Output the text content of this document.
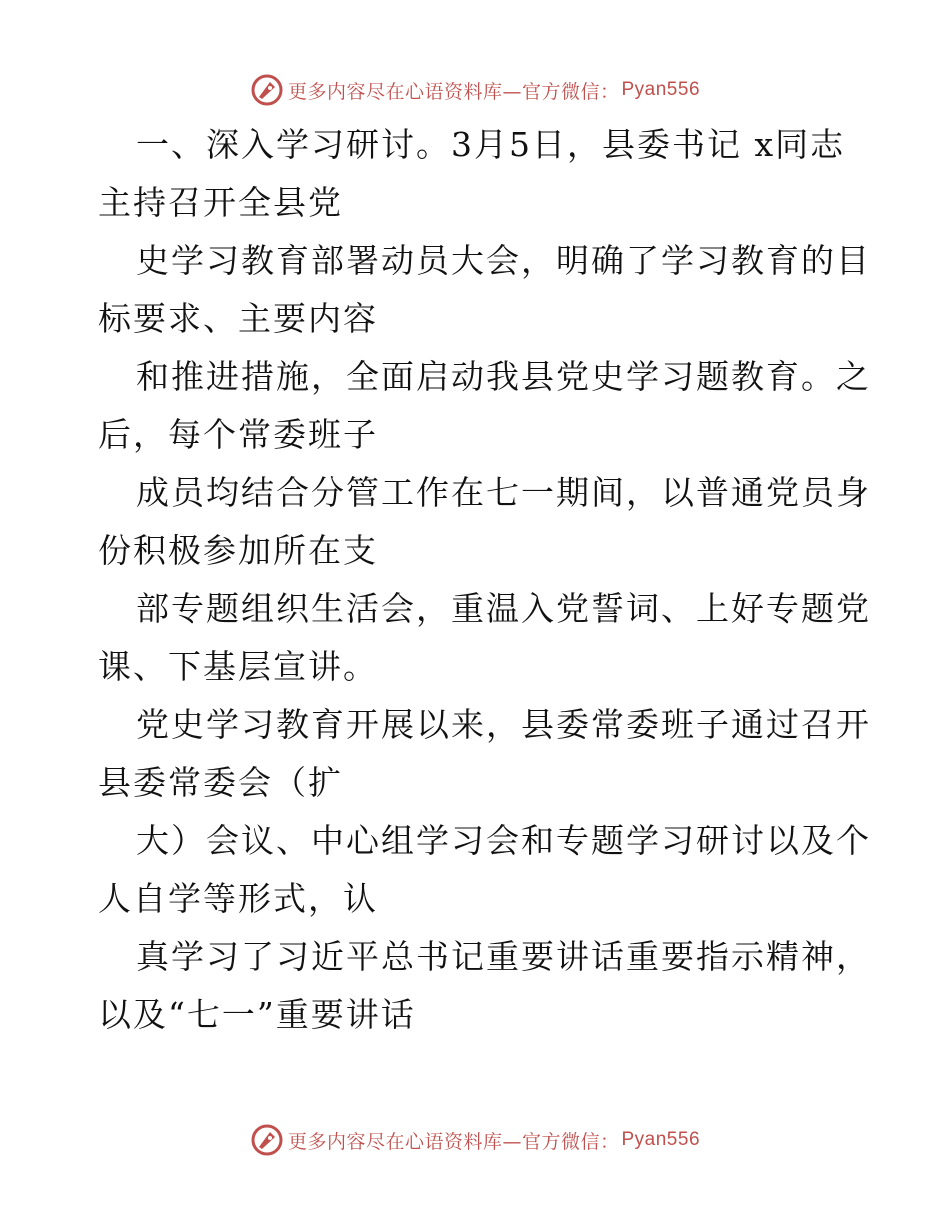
更多内容尽在心语资料库—官方微信： Pyan556

一、深入学习研讨。3月5日，县委书记 x同志
主持召开全县党

史学习教育部署动员大会，明确了学习教育的目
标要求、主要内容

和推进措施，全面启动我县党史学习题教育。之
后，每个常委班子

成员均结合分管工作在七一期间，以普通党员身
份积极参加所在支

部专题组织生活会，重温入党誓词、上好专题党
课、下基层宣讲。

党史学习教育开展以来，县委常委班子通过召开
县委常委会（扩

大）会议、中心组学习会和专题学习研讨以及个
人自学等形式，认

真学习了习近平总书记重要讲话重要指示精神，
以及“七一”重要讲话

更多内容尽在心语资料库—官方微信： Pyan556
